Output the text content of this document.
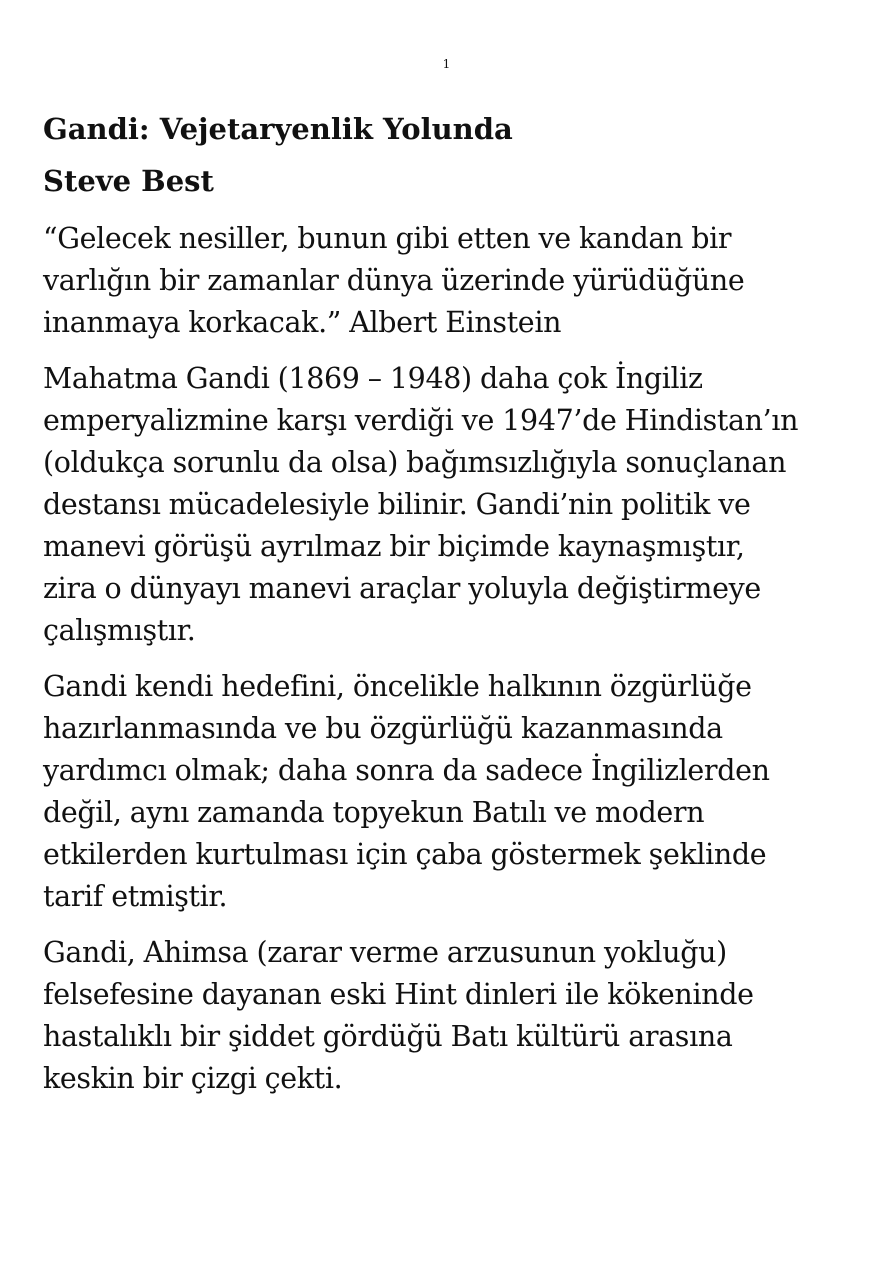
1
Gandi: Vejetaryenlik Yolunda
Steve Best

“Gelecek nesiller, bunun gibi etten ve kandan bir
varlığın bir zamanlar dünya üzerinde yürüdüğüne
inanmaya korkacak.” Albert Einstein

Mahatma Gandi (1869 – 1948) daha çok İngiliz
emperyalizmine karşı verdiği ve 1947’de Hindistan’ın
(oldukça sorunlu da olsa) bağımsızlığıyla sonuçlanan
destansı mücadelesiyle bilinir. Gandi’nin politik ve
manevi görüşü ayrılmaz bir biçimde kaynaşmıştır,
zira o dünyayı manevi araçlar yoluyla değiştirmeye
çalışmıştır.

Gandi kendi hedefini, öncelikle halkının özgürlüğe
hazırlanmasında ve bu özgürlüğü kazanmasında
yardımcı olmak; daha sonra da sadece İngilizlerden
değil, aynı zamanda topyekun Batılı ve modern
etkilerden kurtulması için çaba göstermek şeklinde
tarif etmiştir.

Gandi, Ahimsa (zarar verme arzusunun yokluğu)
felsefesine dayanan eski Hint dinleri ile kökeninde
hastalıklı bir şiddet gördüğü Batı kültürü arasına
keskin bir çizgi çekti.
